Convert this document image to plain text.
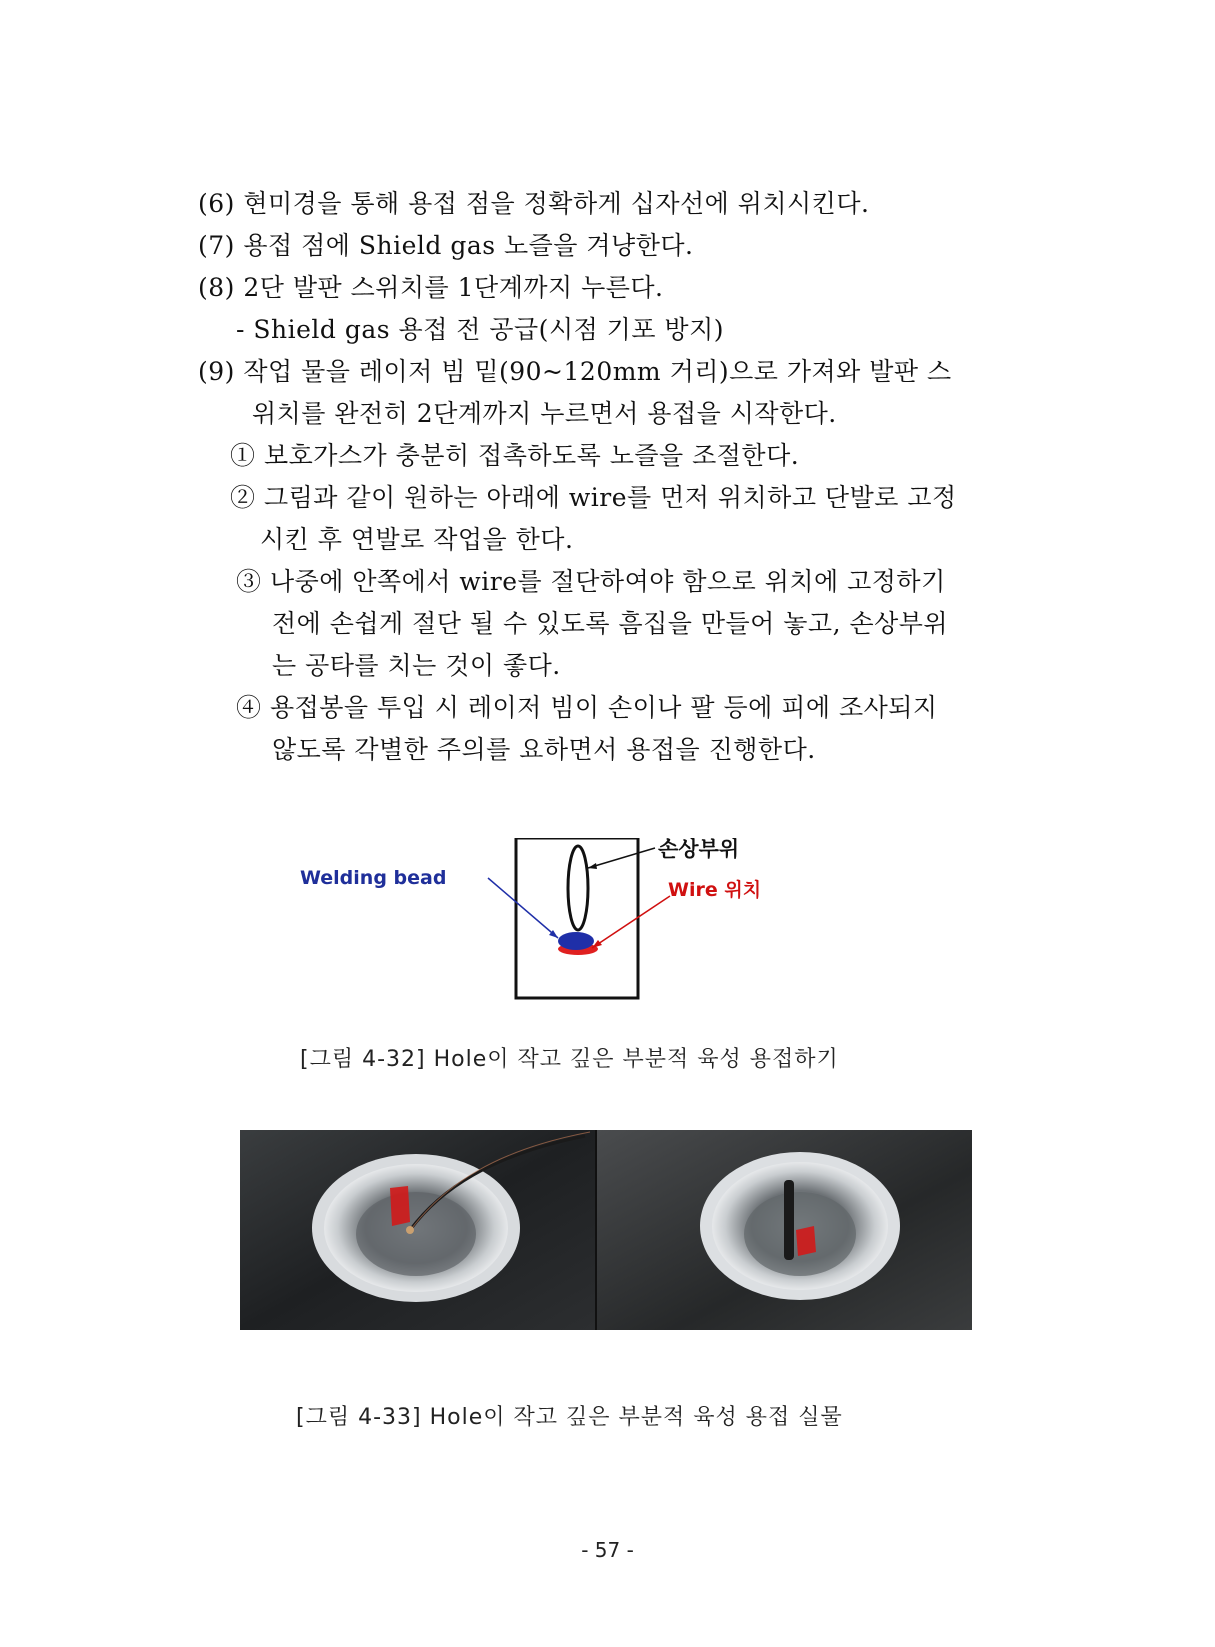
(6) 현미경을 통해 용접 점을 정확하게 십자선에 위치시킨다.
(7) 용접 점에 Shield gas 노즐을 겨냥한다.
(8) 2단 발판 스위치를 1단계까지 누른다.
- Shield gas 용접 전 공급(시점 기포 방지)
(9) 작업 물을 레이저 빔 밑(90~120mm 거리)으로 가져와 발판 스
위치를 완전히 2단계까지 누르면서 용접을 시작한다.
① 보호가스가 충분히 접촉하도록 노즐을 조절한다.
② 그림과 같이 원하는 아래에 wire를 먼저 위치하고 단발로 고정
시킨 후 연발로 작업을 한다.
③ 나중에 안쪽에서 wire를 절단하여야 함으로 위치에 고정하기
전에 손쉽게 절단 될 수 있도록 흠집을 만들어 놓고, 손상부위
는 공타를 치는 것이 좋다.
④ 용접봉을 투입 시 레이저 빔이 손이나 팔 등에 피에 조사되지
않도록 각별한 주의를 요하면서 용접을 진행한다.
손상부위
Welding bead
Wire 위치
[그림 4-32] Hole이 작고 깊은 부분적 육성 용접하기
[그림 4-33] Hole이 작고 깊은 부분적 육성 용접 실물
- 57 -
